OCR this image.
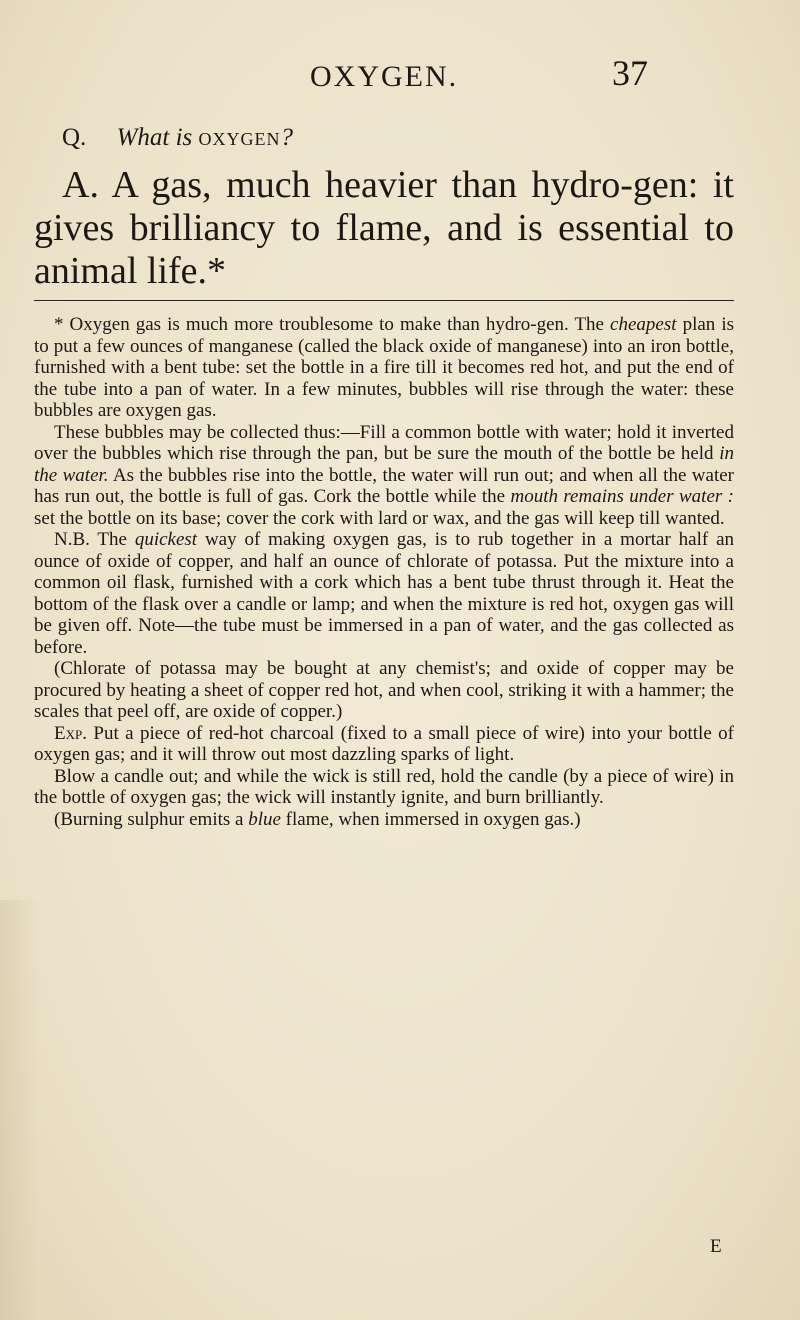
OXYGEN.	37
Q. What is oxygen?
A. A gas, much heavier than hydro-gen: it gives brilliancy to flame, and is essential to animal life.*

* Oxygen gas is much more troublesome to make than hydro-gen. The cheapest plan is to put a few ounces of manganese (called the black oxide of manganese) into an iron bottle, furnished with a bent tube: set the bottle in a fire till it becomes red hot, and put the end of the tube into a pan of water. In a few minutes, bubbles will rise through the water: these bubbles are oxygen gas.

These bubbles may be collected thus:—Fill a common bottle with water; hold it inverted over the bubbles which rise through the pan, but be sure the mouth of the bottle be held in the water. As the bubbles rise into the bottle, the water will run out; and when all the water has run out, the bottle is full of gas. Cork the bottle while the mouth remains under water : set the bottle on its base; cover the cork with lard or wax, and the gas will keep till wanted.

N.B. The quickest way of making oxygen gas, is to rub together in a mortar half an ounce of oxide of copper, and half an ounce of chlorate of potassa. Put the mixture into a common oil flask, furnished with a cork which has a bent tube thrust through it. Heat the bottom of the flask over a candle or lamp; and when the mixture is red hot, oxygen gas will be given off. Note—the tube must be immersed in a pan of water, and the gas collected as before.

(Chlorate of potassa may be bought at any chemist's; and oxide of copper may be procured by heating a sheet of copper red hot, and when cool, striking it with a hammer; the scales that peel off, are oxide of copper.)

Exp. Put a piece of red-hot charcoal (fixed to a small piece of wire) into your bottle of oxygen gas; and it will throw out most dazzling sparks of light.

Blow a candle out; and while the wick is still red, hold the candle (by a piece of wire) in the bottle of oxygen gas; the wick will instantly ignite, and burn brilliantly.

(Burning sulphur emits a blue flame, when immersed in oxygen gas.)

E
